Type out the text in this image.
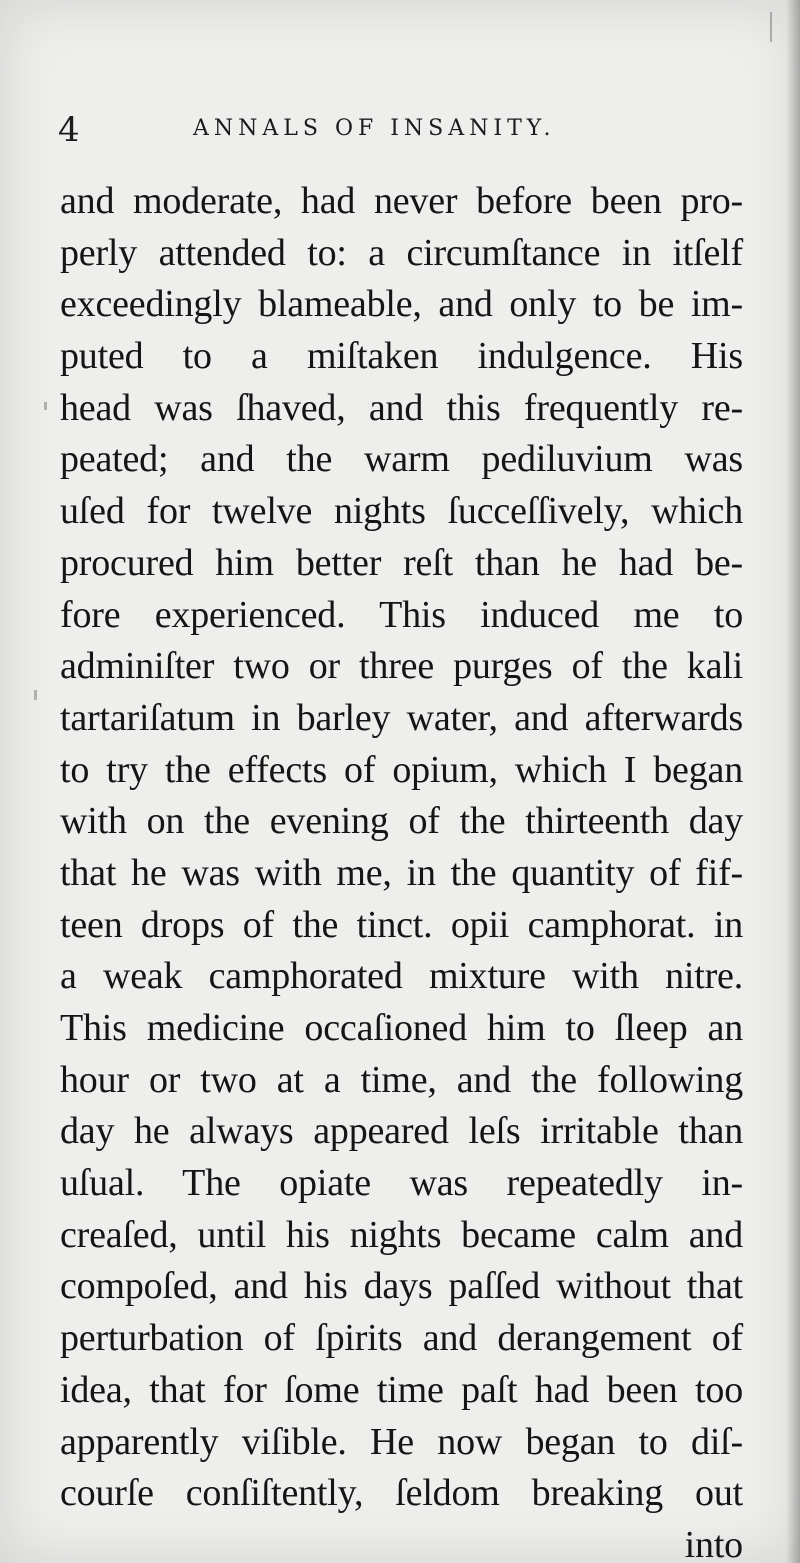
4	ANNALS OF INSANITY.
and moderate, had never before been pro-
perly attended to: a circumſtance in itſelf
exceedingly blameable, and only to be im-
puted to a miſtaken indulgence. His
head was ſhaved, and this frequently re-
peated; and the warm pediluvium was
uſed for twelve nights ſucceſſively, which
procured him better reſt than he had be-
fore experienced. This induced me to
adminiſter two or three purges of the kali
tartariſatum in barley water, and afterwards
to try the effects of opium, which I began
with on the evening of the thirteenth day
that he was with me, in the quantity of fif-
teen drops of the tinct. opii camphorat. in
a weak camphorated mixture with nitre.
This medicine occaſioned him to ſleep an
hour or two at a time, and the following
day he always appeared leſs irritable than
uſual. The opiate was repeatedly in-
creaſed, until his nights became calm and
compoſed, and his days paſſed without that
perturbation of ſpirits and derangement of
idea, that for ſome time paſt had been too
apparently viſible. He now began to diſ-
courſe conſiſtently, ſeldom breaking out
into
